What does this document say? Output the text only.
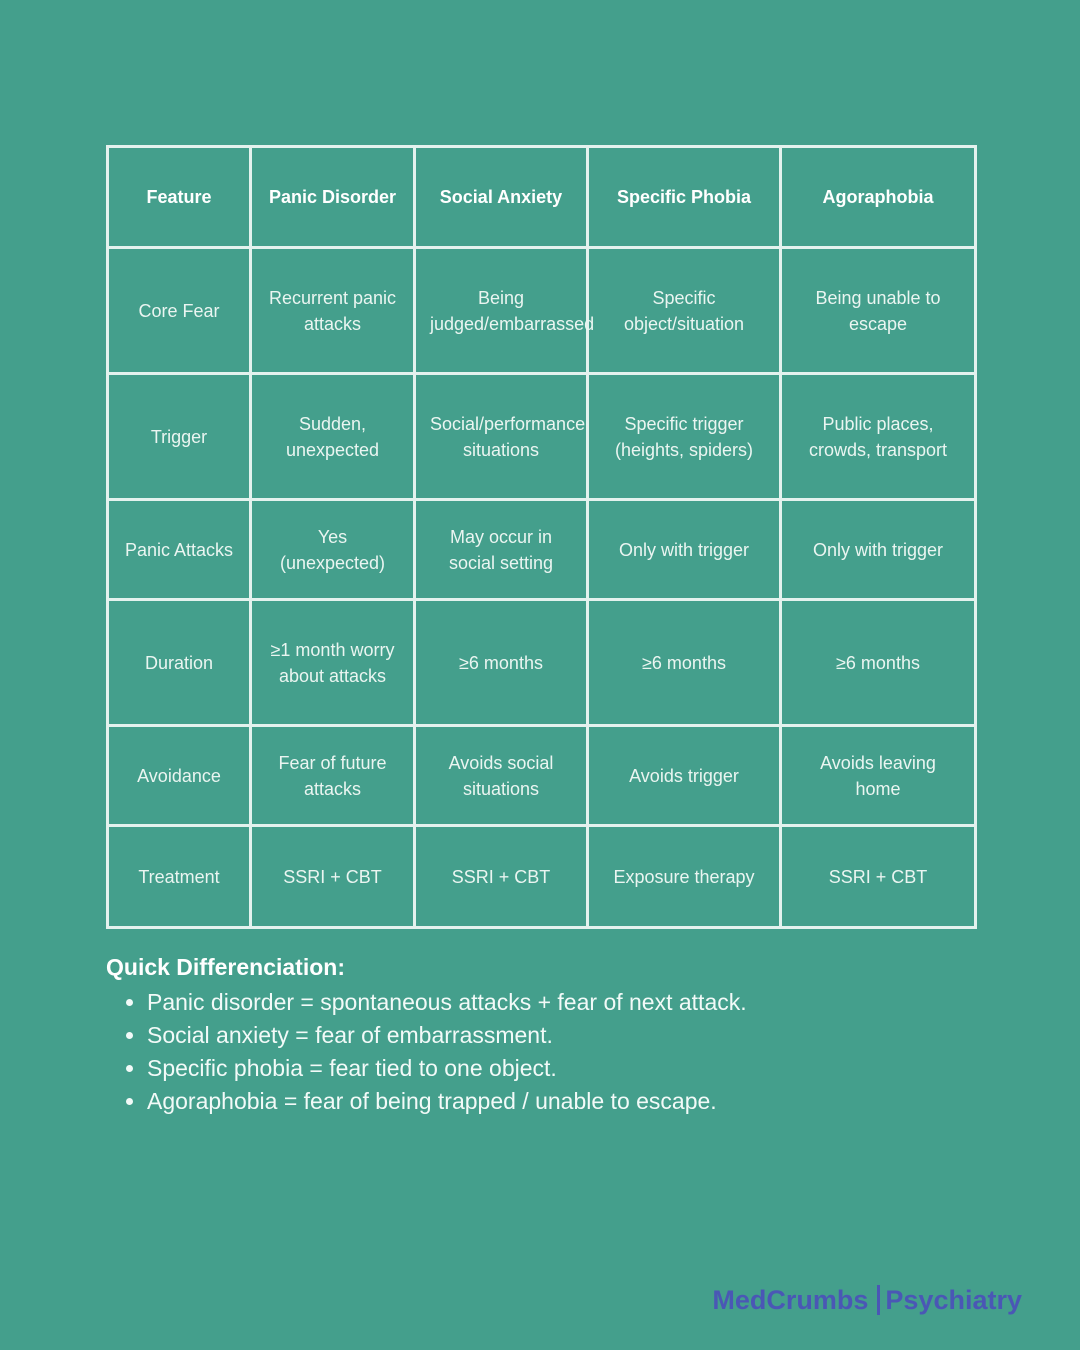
Feature	Panic Disorder	Social Anxiety	Specific Phobia	Agoraphobia
Core Fear	Recurrent panic attacks	Being judged/embarrassed	Specific object/situation	Being unable to escape
Trigger	Sudden, unexpected	Social/performance situations	Specific trigger (heights, spiders)	Public places, crowds, transport
Panic Attacks	Yes (unexpected)	May occur in social setting	Only with trigger	Only with trigger
Duration	≥1 month worry about attacks	≥6 months	≥6 months	≥6 months
Avoidance	Fear of future attacks	Avoids social situations	Avoids trigger	Avoids leaving home
Treatment	SSRI + CBT	SSRI + CBT	Exposure therapy	SSRI + CBT
Quick Differenciation:
• Panic disorder = spontaneous attacks + fear of next attack.
• Social anxiety = fear of embarrassment.
• Specific phobia = fear tied to one object.
• Agoraphobia = fear of being trapped / unable to escape.
MedCrumbs Psychiatry
